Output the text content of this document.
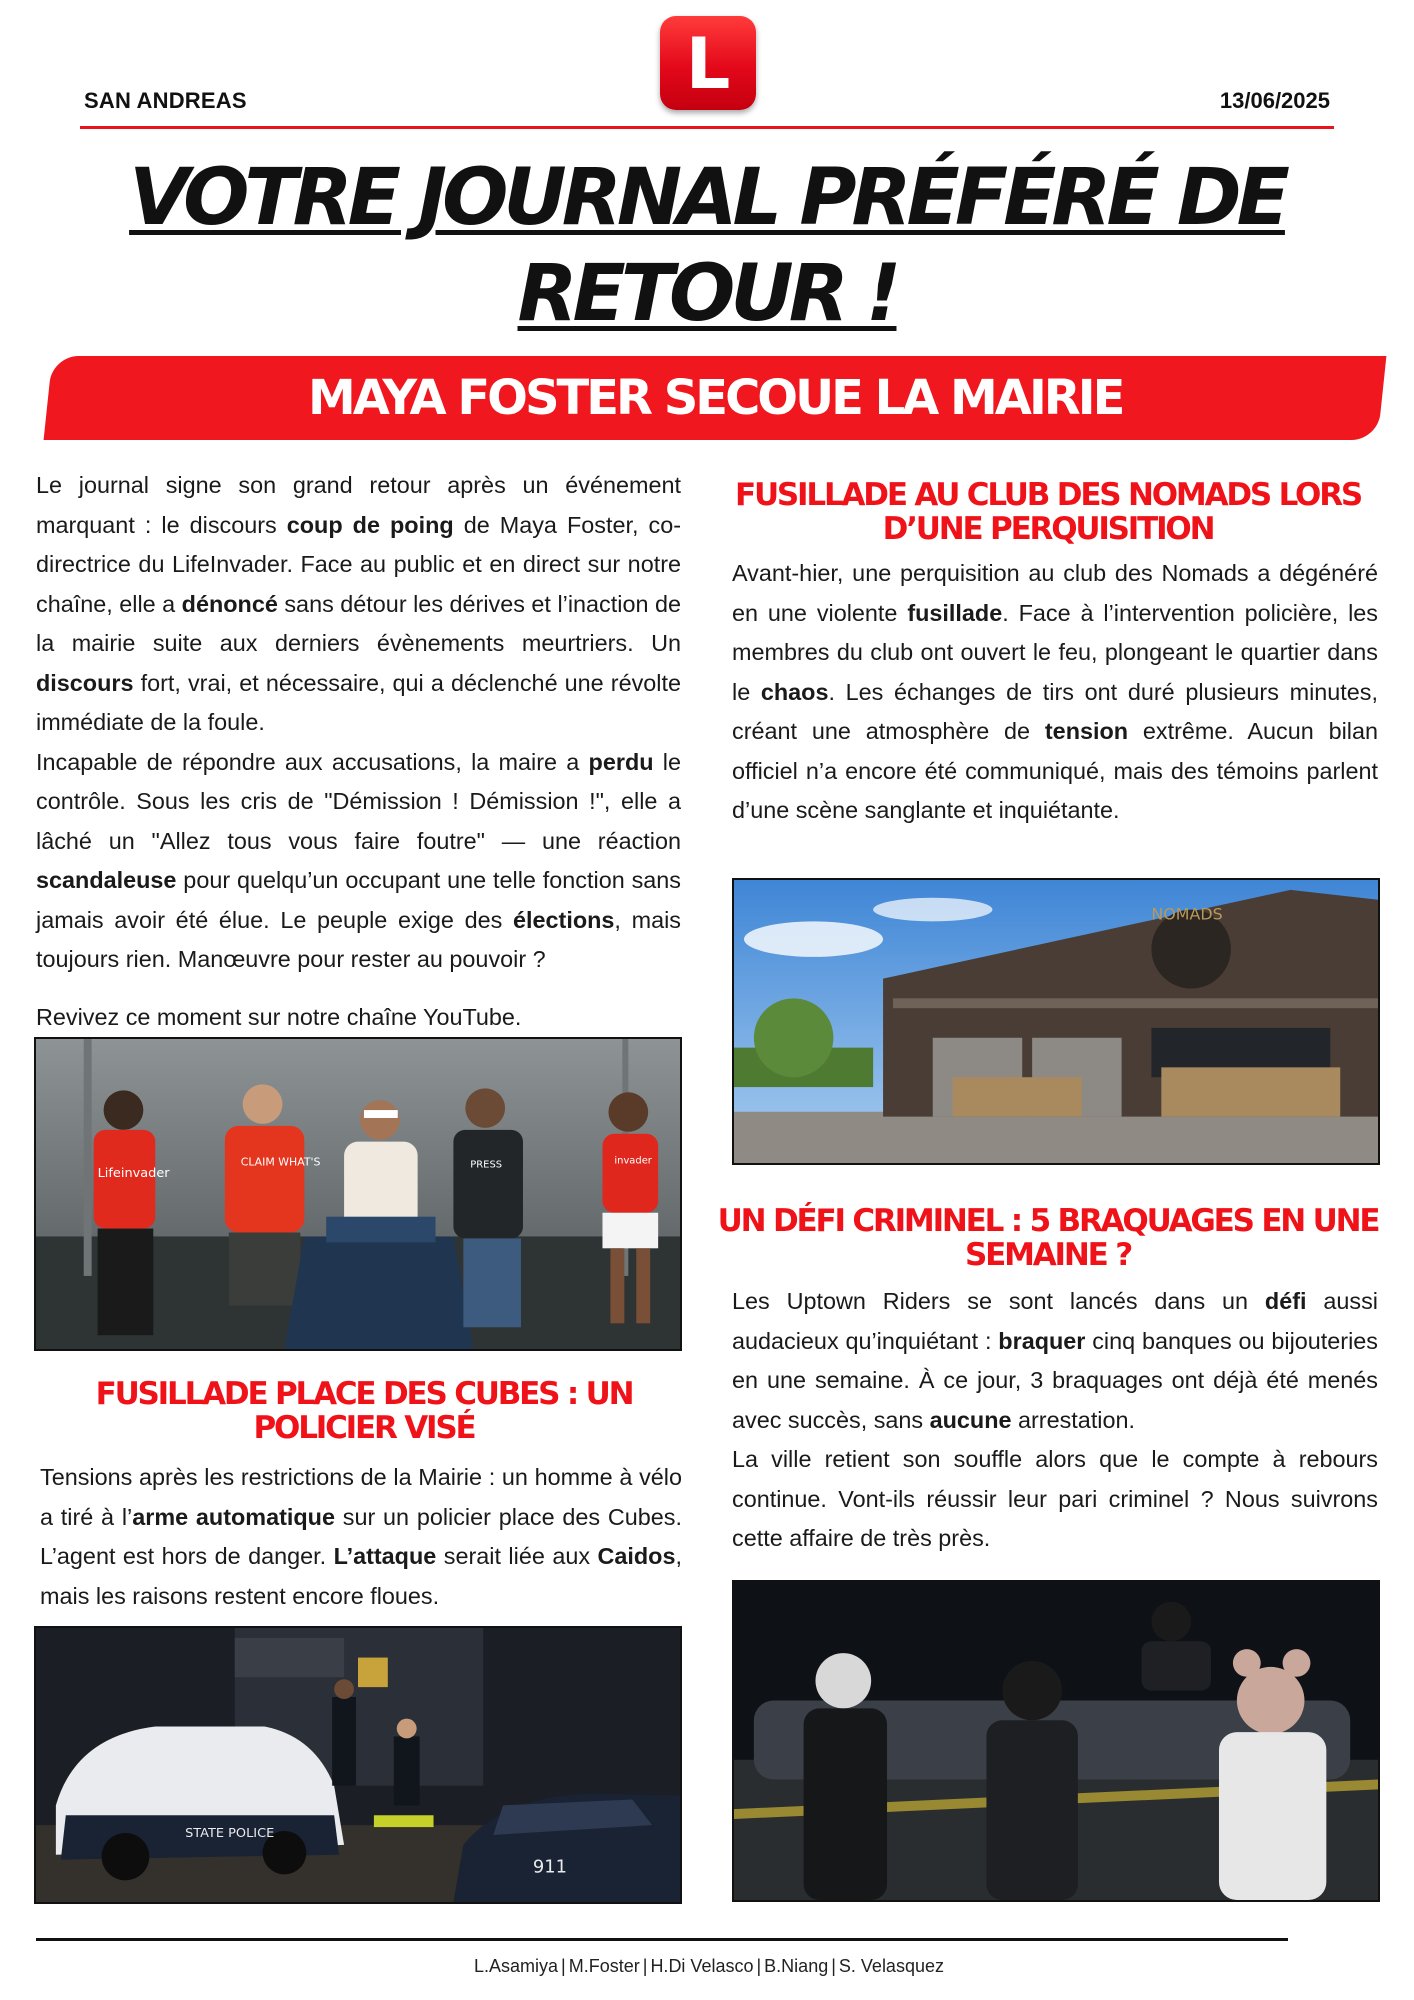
L
SAN ANDREAS	13/06/2025
VOTRE JOURNAL PRÉFÉRÉ DE
RETOUR !
MAYA FOSTER SECOUE LA MAIRIE
Le journal signe son grand retour après un événement marquant : le discours coup de poing de Maya Foster, co-directrice du LifeInvader. Face au public et en direct sur notre chaîne, elle a dénoncé sans détour les dérives et l’inaction de la mairie suite aux derniers évènements meurtriers. Un discours fort, vrai, et nécessaire, qui a déclenché une révolte immédiate de la foule.
Incapable de répondre aux accusations, la maire a perdu le contrôle. Sous les cris de "Démission ! Démission !", elle a lâché un "Allez tous vous faire foutre" — une réaction scandaleuse pour quelqu’un occupant une telle fonction sans jamais avoir été élue. Le peuple exige des élections, mais toujours rien. Manœuvre pour rester au pouvoir ?
Revivez ce moment sur notre chaîne YouTube.
Lifeinvader
CLAIM WHAT'S	PRESS	invader
FUSILLADE PLACE DES CUBES : UN POLICIER VISÉ
Tensions après les restrictions de la Mairie : un homme à vélo a tiré à l’arme automatique sur un policier place des Cubes. L’agent est hors de danger. L’attaque serait liée aux Caidos, mais les raisons restent encore floues.
STATE POLICE
911
FUSILLADE AU CLUB DES NOMADS LORS D’UNE PERQUISITION
Avant-hier, une perquisition au club des Nomads a dégénéré en une violente fusillade. Face à l’intervention policière, les membres du club ont ouvert le feu, plongeant le quartier dans le chaos. Les échanges de tirs ont duré plusieurs minutes, créant une atmosphère de tension extrême. Aucun bilan officiel n’a encore été communiqué, mais des témoins parlent d’une scène sanglante et inquiétante.
NOMADS
UN DÉFI CRIMINEL : 5 BRAQUAGES EN UNE SEMAINE ?
Les Uptown Riders se sont lancés dans un défi aussi audacieux qu’inquiétant : braquer cinq banques ou bijouteries en une semaine. À ce jour, 3 braquages ont déjà été menés avec succès, sans aucune arrestation.
La ville retient son souffle alors que le compte à rebours continue. Vont-ils réussir leur pari criminel ? Nous suivrons cette affaire de très près.
L.Asamiya | M.Foster | H.Di Velasco | B.Niang | S. Velasquez
